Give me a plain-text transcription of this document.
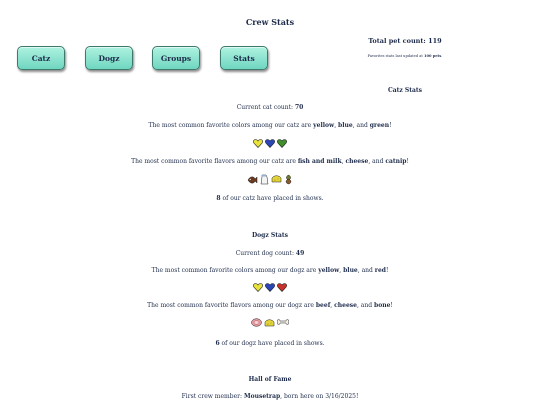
Crew Stats
Catz	Dogz	Groups	Stats
Total pet count: 119
Favorites stats last updated at 100 pets.
Catz Stats
Current cat count: 70
The most common favorite colors among our catz are yellow, blue, and green!
The most common favorite flavors among our catz are fish and milk, cheese, and catnip!
8 of our catz have placed in shows.
Dogz Stats
Current dog count: 49
The most common favorite colors among our dogz are yellow, blue, and red!
The most common favorite flavors among our dogz are beef, cheese, and bone!
6 of our dogz have placed in shows.
Hall of Fame
First crew member: Mousetrap, born here on 3/16/2025!
